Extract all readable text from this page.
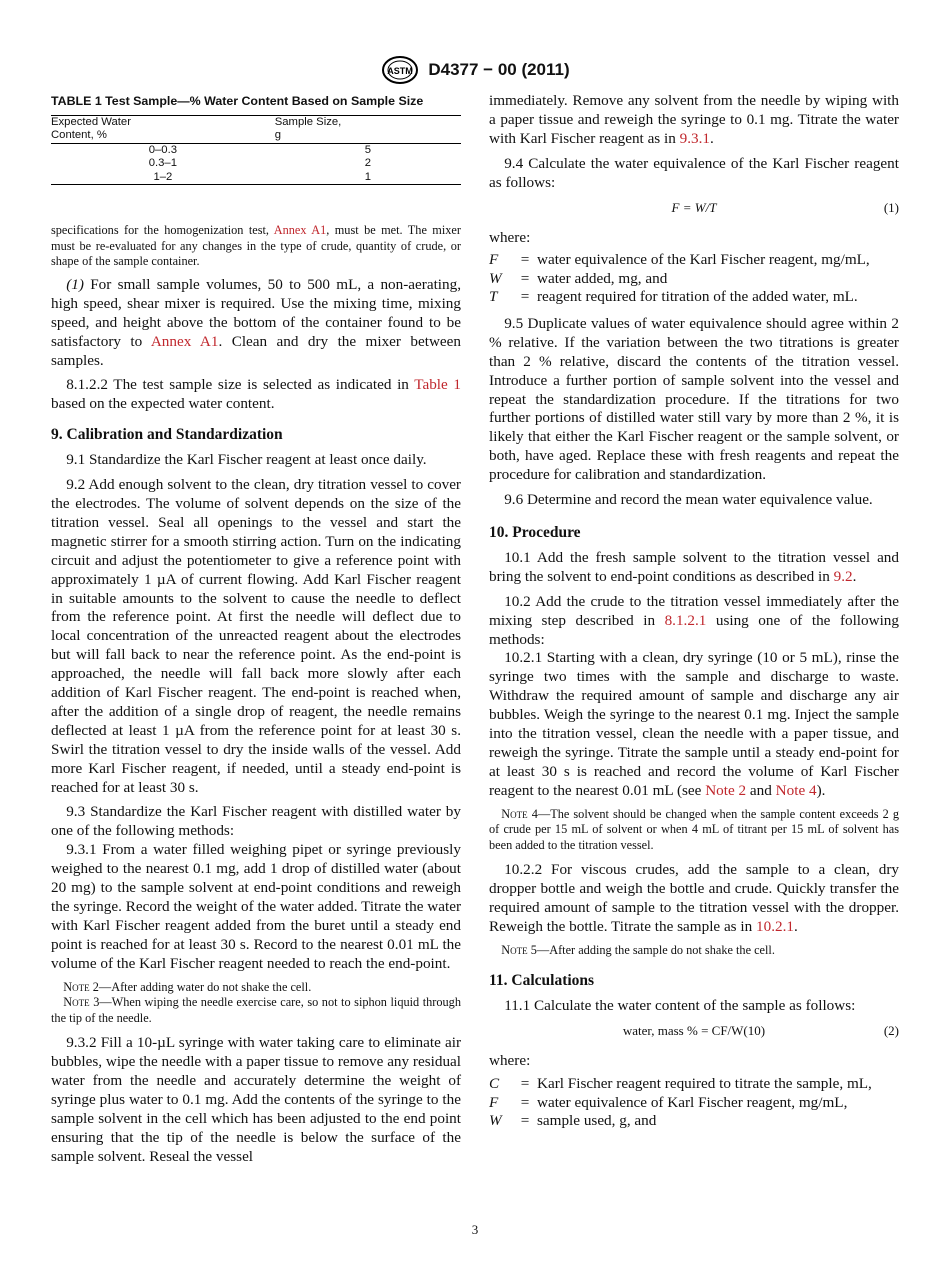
ASTM D4377 − 00 (2011)
TABLE 1 Test Sample—% Water Content Based on Sample Size
Expected Water
Content, %	Sample Size,
g
0–0.3	5
0.3–1	2
1–2	1

specifications for the homogenization test, Annex A1, must be met. The mixer must be re-evaluated for any changes in the type of crude, quantity of crude, or shape of the sample container.

(1) For small sample volumes, 50 to 500 mL, a non-aerating, high speed, shear mixer is required. Use the mixing time, mixing speed, and height above the bottom of the container found to be satisfactory to Annex A1. Clean and dry the mixer between samples.

8.1.2.2 The test sample size is selected as indicated in Table 1 based on the expected water content.

9. Calibration and Standardization

9.1 Standardize the Karl Fischer reagent at least once daily.

9.2 Add enough solvent to the clean, dry titration vessel to cover the electrodes. The volume of solvent depends on the size of the titration vessel. Seal all openings to the vessel and start the magnetic stirrer for a smooth stirring action. Turn on the indicating circuit and adjust the potentiometer to give a reference point with approximately 1 µA of current flowing. Add Karl Fischer reagent in suitable amounts to the solvent to cause the needle to deflect from the reference point. At first the needle will deflect due to local concentration of the unreacted reagent about the electrodes but will fall back to near the reference point. As the end-point is approached, the needle will fall back more slowly after each addition of Karl Fischer reagent. The end-point is reached when, after the addition of a single drop of reagent, the needle remains deflected at least 1 µA from the reference point for at least 30 s. Swirl the titration vessel to dry the inside walls of the vessel. Add more Karl Fischer reagent, if needed, until a steady end-point is reached for at least 30 s.

9.3 Standardize the Karl Fischer reagent with distilled water by one of the following methods:

9.3.1 From a water filled weighing pipet or syringe previously weighed to the nearest 0.1 mg, add 1 drop of distilled water (about 20 mg) to the sample solvent at end-point conditions and reweigh the syringe. Record the weight of the water added. Titrate the water with Karl Fischer reagent added from the buret until a steady end point is reached for at least 30 s. Record to the nearest 0.01 mL the volume of the Karl Fischer reagent needed to reach the end-point.

Note 2—After adding water do not shake the cell.
Note 3—When wiping the needle exercise care, so not to siphon liquid through the tip of the needle.

9.3.2 Fill a 10-µL syringe with water taking care to eliminate air bubbles, wipe the needle with a paper tissue to remove any residual water from the needle and accurately determine the weight of syringe plus water to 0.1 mg. Add the contents of the syringe to the sample solvent in the cell which has been adjusted to the end point ensuring that the tip of the needle is below the surface of the sample solvent. Reseal the vessel

immediately. Remove any solvent from the needle by wiping with a paper tissue and reweigh the syringe to 0.1 mg. Titrate the water with Karl Fischer reagent as in 9.3.1.

9.4 Calculate the water equivalence of the Karl Fischer reagent as follows:

F = W/T	(1)
where:
F	= water equivalence of the Karl Fischer reagent, mg/mL,
W	= water added, mg, and
T	= reagent required for titration of the added water, mL.

9.5 Duplicate values of water equivalence should agree within 2 % relative. If the variation between the two titrations is greater than 2 % relative, discard the contents of the titration vessel. Introduce a further portion of sample solvent into the vessel and repeat the standardization procedure. If the titrations for two further portions of distilled water still vary by more than 2 %, it is likely that either the Karl Fischer reagent or the sample solvent, or both, have aged. Replace these with fresh reagents and repeat the procedure for calibration and standardization.

9.6 Determine and record the mean water equivalence value.

10. Procedure

10.1 Add the fresh sample solvent to the titration vessel and bring the solvent to end-point conditions as described in 9.2.

10.2 Add the crude to the titration vessel immediately after the mixing step described in 8.1.2.1 using one of the following methods:

10.2.1 Starting with a clean, dry syringe (10 or 5 mL), rinse the syringe two times with the sample and discharge to waste. Withdraw the required amount of sample and discharge any air bubbles. Weigh the syringe to the nearest 0.1 mg. Inject the sample into the titration vessel, clean the needle with a paper tissue, and reweigh the syringe. Titrate the sample until a steady end-point for at least 30 s is reached and record the volume of Karl Fischer reagent to the nearest 0.01 mL (see Note 2 and Note 4).

Note 4—The solvent should be changed when the sample content exceeds 2 g of crude per 15 mL of solvent or when 4 mL of titrant per 15 mL of solvent has been added to the titration vessel.

10.2.2 For viscous crudes, add the sample to a clean, dry dropper bottle and weigh the bottle and crude. Quickly transfer the required amount of sample to the titration vessel with the dropper. Reweigh the bottle. Titrate the sample as in 10.2.1.

Note 5—After adding the sample do not shake the cell.
11. Calculations

11.1 Calculate the water content of the sample as follows:

water, mass % = CF/W(10)	(2)
where:
C	= Karl Fischer reagent required to titrate the sample, mL,
F	= water equivalence of Karl Fischer reagent, mg/mL,
W	= sample used, g, and
3
